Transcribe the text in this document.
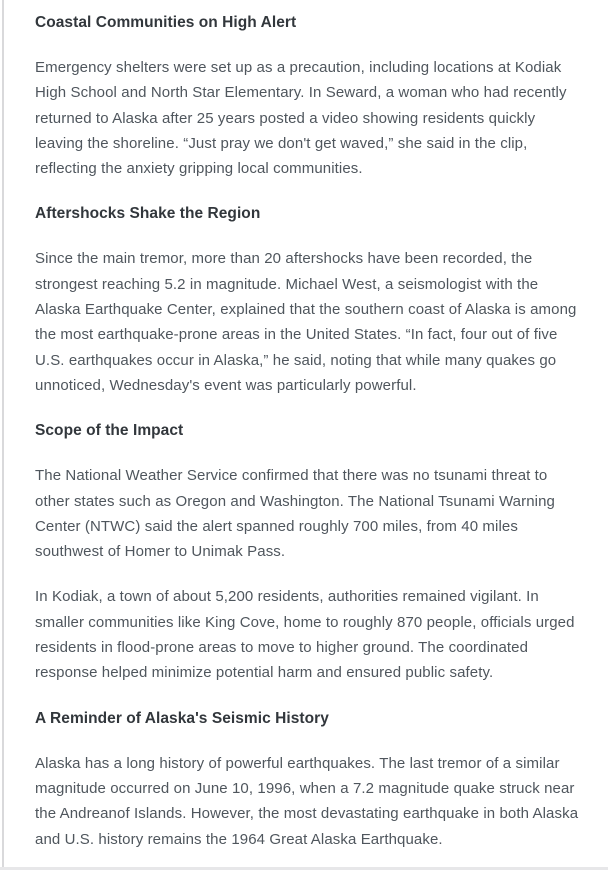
Coastal Communities on High Alert
Emergency shelters were set up as a precaution, including locations at Kodiak
High School and North Star Elementary. In Seward, a woman who had recently
returned to Alaska after 25 years posted a video showing residents quickly
leaving the shoreline. “Just pray we don't get waved,” she said in the clip,
reflecting the anxiety gripping local communities.
Aftershocks Shake the Region
Since the main tremor, more than 20 aftershocks have been recorded, the
strongest reaching 5.2 in magnitude. Michael West, a seismologist with the
Alaska Earthquake Center, explained that the southern coast of Alaska is among
the most earthquake-prone areas in the United States. “In fact, four out of five
U.S. earthquakes occur in Alaska,” he said, noting that while many quakes go
unnoticed, Wednesday's event was particularly powerful.
Scope of the Impact
The National Weather Service confirmed that there was no tsunami threat to
other states such as Oregon and Washington. The National Tsunami Warning
Center (NTWC) said the alert spanned roughly 700 miles, from 40 miles
southwest of Homer to Unimak Pass.
In Kodiak, a town of about 5,200 residents, authorities remained vigilant. In
smaller communities like King Cove, home to roughly 870 people, officials urged
residents in flood-prone areas to move to higher ground. The coordinated
response helped minimize potential harm and ensured public safety.
A Reminder of Alaska's Seismic History
Alaska has a long history of powerful earthquakes. The last tremor of a similar
magnitude occurred on June 10, 1996, when a 7.2 magnitude quake struck near
the Andreanof Islands. However, the most devastating earthquake in both Alaska
and U.S. history remains the 1964 Great Alaska Earthquake.
